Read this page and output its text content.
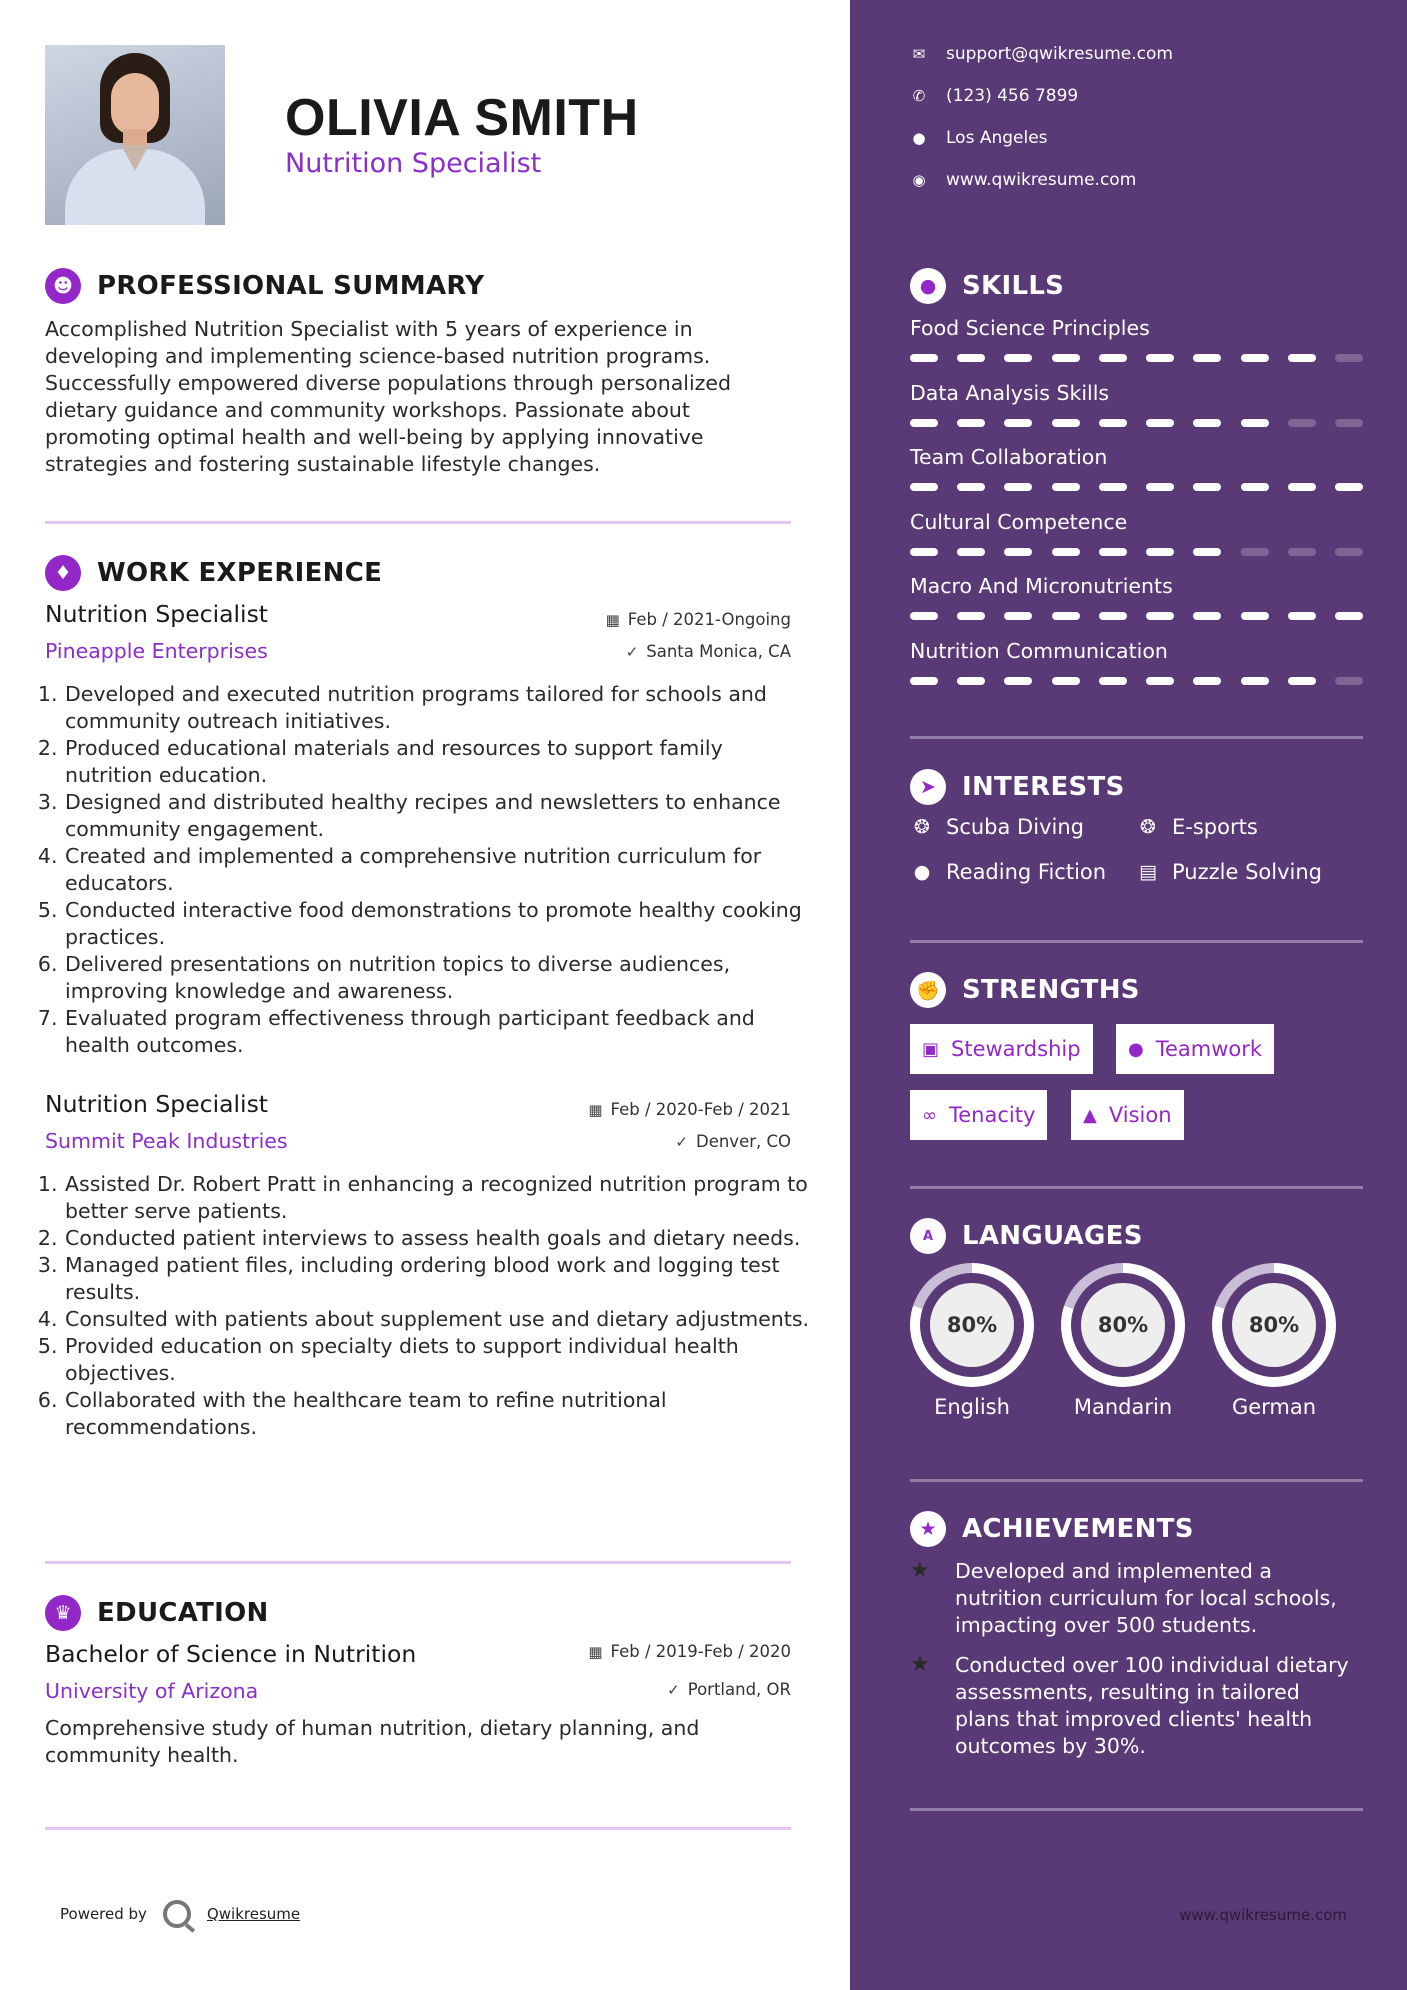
OLIVIA SMITH
Nutrition Specialist
☻ PROFESSIONAL SUMMARY
Accomplished Nutrition Specialist with 5 years of experience in
developing and implementing science-based nutrition programs.
Successfully empowered diverse populations through personalized
dietary guidance and community workshops. Passionate about
promoting optimal health and well-being by applying innovative
strategies and fostering sustainable lifestyle changes.
♦ WORK EXPERIENCE
Nutrition Specialist	▦ Feb / 2021-Ongoing
Pineapple Enterprises	✓ Santa Monica, CA
1. Developed and executed nutrition programs tailored for schools and community outreach initiatives.
2. Produced educational materials and resources to support family nutrition education.
3. Designed and distributed healthy recipes and newsletters to enhance community engagement.
4. Created and implemented a comprehensive nutrition curriculum for educators.
5. Conducted interactive food demonstrations to promote healthy cooking practices.
6. Delivered presentations on nutrition topics to diverse audiences, improving knowledge and awareness.
7. Evaluated program effectiveness through participant feedback and health outcomes.
Nutrition Specialist	▦ Feb / 2020-Feb / 2021
Summit Peak Industries	✓ Denver, CO
1. Assisted Dr. Robert Pratt in enhancing a recognized nutrition program to better serve patients.
2. Conducted patient interviews to assess health goals and dietary needs.
3. Managed patient files, including ordering blood work and logging test results.
4. Consulted with patients about supplement use and dietary adjustments.
5. Provided education on specialty diets to support individual health objectives.
6. Collaborated with the healthcare team to refine nutritional recommendations.
♛ EDUCATION
Bachelor of Science in Nutrition	▦ Feb / 2019-Feb / 2020
University of Arizona	✓ Portland, OR
Comprehensive study of human nutrition, dietary planning, and
community health.
Powered by	Qwikresume	www.qwikresume.com
✉ support@qwikresume.com
✆ (123) 456 7899
● Los Angeles
◉ www.qwikresume.com
● SKILLS
Food Science Principles
Data Analysis Skills
Team Collaboration
Cultural Competence
Macro And Micronutrients
Nutrition Communication
➤	INTERESTS
❂ Scuba Diving	❂ E-sports
● Reading Fiction ▤ Puzzle Solving
✊ STRENGTHS
▣ Stewardship	● Teamwork
∞ Tenacity	▲ Vision
A	LANGUAGES
80%
English
80%
Mandarin
80%
German
★ ACHIEVEMENTS
★	Developed and implemented a
nutrition curriculum for local schools,
impacting over 500 students.
★	Conducted over 100 individual dietary
assessments, resulting in tailored
plans that improved clients' health
outcomes by 30%.
